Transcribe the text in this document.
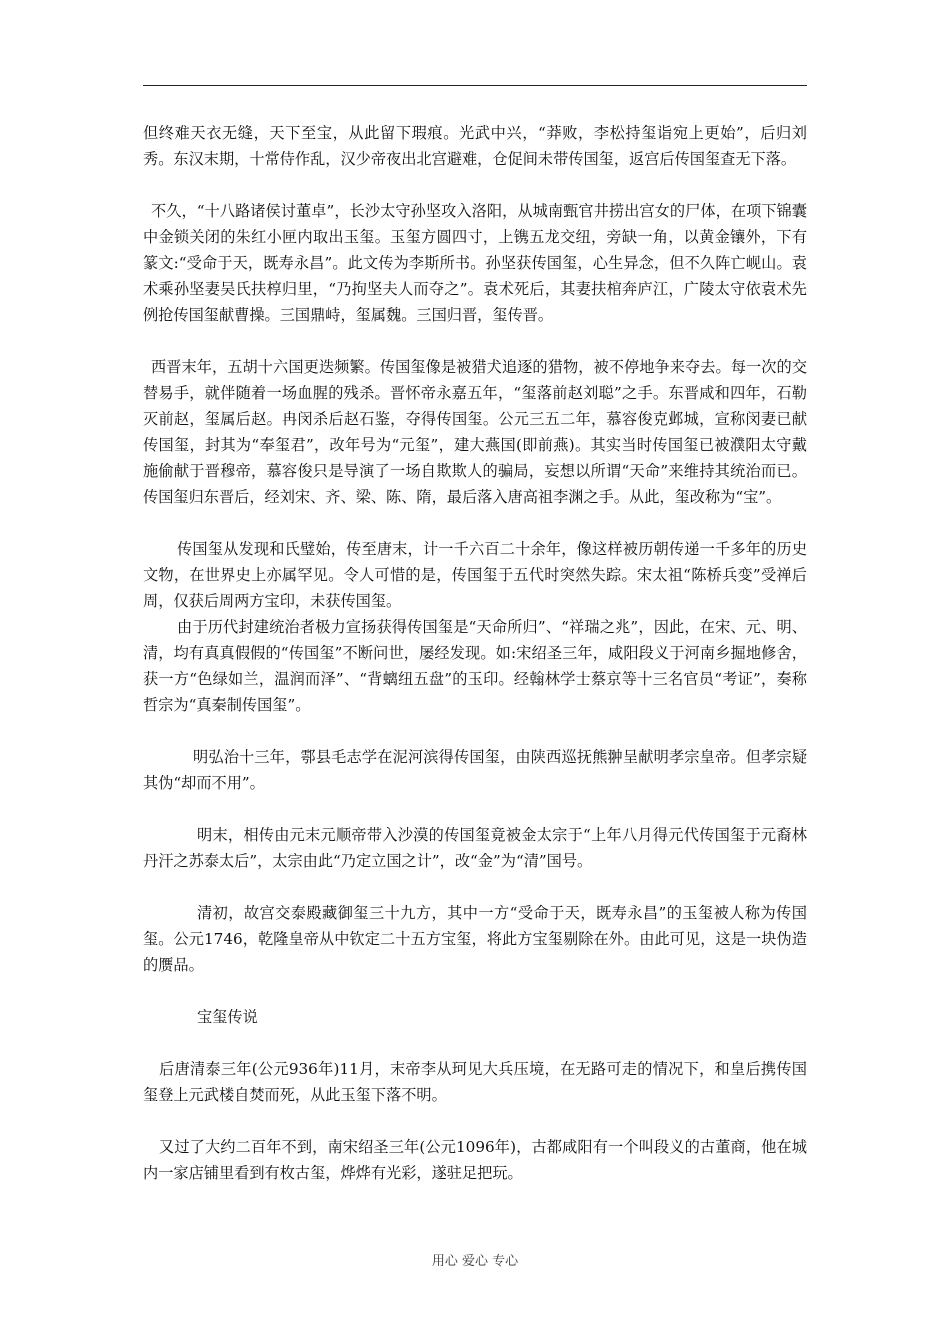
但终难天衣无缝，天下至宝，从此留下瑕痕。光武中兴，“莽败，李松持玺诣宛上更始”，后归刘秀。东汉末期，十常侍作乱，汉少帝夜出北宫避难，仓促间未带传国玺，返宫后传国玺查无下落。

不久，“十八路诸侯讨董卓”，长沙太守孙坚攻入洛阳，从城南甄官井捞出宫女的尸体，在项下锦囊中金锁关闭的朱红小匣内取出玉玺。玉玺方圆四寸，上镌五龙交纽，旁缺一角，以黄金镶外，下有篆文:“受命于天，既寿永昌”。此文传为李斯所书。孙坚获传国玺，心生异念，但不久阵亡岘山。袁术乘孙坚妻吴氏扶椁归里，“乃拘坚夫人而夺之”。袁术死后，其妻扶棺奔庐江，广陵太守依袁术先例抢传国玺献曹操。三国鼎峙，玺属魏。三国归晋，玺传晋。

西晋末年，五胡十六国更迭频繁。传国玺像是被猎犬追逐的猎物，被不停地争来夺去。每一次的交替易手，就伴随着一场血腥的残杀。晋怀帝永嘉五年，“玺落前赵刘聪”之手。东晋咸和四年，石勒灭前赵，玺属后赵。冉闵杀后赵石鉴，夺得传国玺。公元三五二年，慕容俊克邺城，宣称闵妻已献传国玺，封其为“奉玺君”，改年号为“元玺”，建大燕国(即前燕)。其实当时传国玺已被濮阳太守戴施偷献于晋穆帝，慕容俊只是导演了一场自欺欺人的骗局，妄想以所谓“天命”来维持其统治而已。传国玺归东晋后，经刘宋、齐、梁、陈、隋，最后落入唐高祖李渊之手。从此，玺改称为“宝”。

传国玺从发现和氏璧始，传至唐末，计一千六百二十余年，像这样被历朝传递一千多年的历史文物，在世界史上亦属罕见。令人可惜的是，传国玺于五代时突然失踪。宋太祖“陈桥兵变”受禅后周，仅获后周两方宝印，未获传国玺。

由于历代封建统治者极力宣扬获得传国玺是“天命所归”、“祥瑞之兆”，因此，在宋、元、明、清，均有真真假假的“传国玺”不断问世，屡经发现。如:宋绍圣三年，咸阳段义于河南乡掘地修舍，获一方“色绿如兰，温润而泽”、“背螭纽五盘”的玉印。经翰林学士蔡京等十三名官员“考证”，奏称哲宗为“真秦制传国玺”。

明弘治十三年，鄠县毛志学在泥河滨得传国玺，由陕西巡抚熊翀呈献明孝宗皇帝。但孝宗疑其伪“却而不用”。

明末，相传由元末元顺帝带入沙漠的传国玺竟被金太宗于“上年八月得元代传国玺于元裔林丹汗之苏泰太后”，太宗由此“乃定立国之计”，改“金”为“清”国号。

清初，故宫交泰殿藏御玺三十九方，其中一方“受命于天，既寿永昌”的玉玺被人称为传国玺。公元1746，乾隆皇帝从中钦定二十五方宝玺，将此方宝玺剔除在外。由此可见，这是一块伪造的赝品。

宝玺传说

后唐清泰三年(公元936年)11月，末帝李从珂见大兵压境，在无路可走的情况下，和皇后携传国玺登上元武楼自焚而死，从此玉玺下落不明。

又过了大约二百年不到，南宋绍圣三年(公元1096年)，古都咸阳有一个叫段义的古董商，他在城内一家店铺里看到有枚古玺，烨烨有光彩，遂驻足把玩。

用心 爱心 专心
